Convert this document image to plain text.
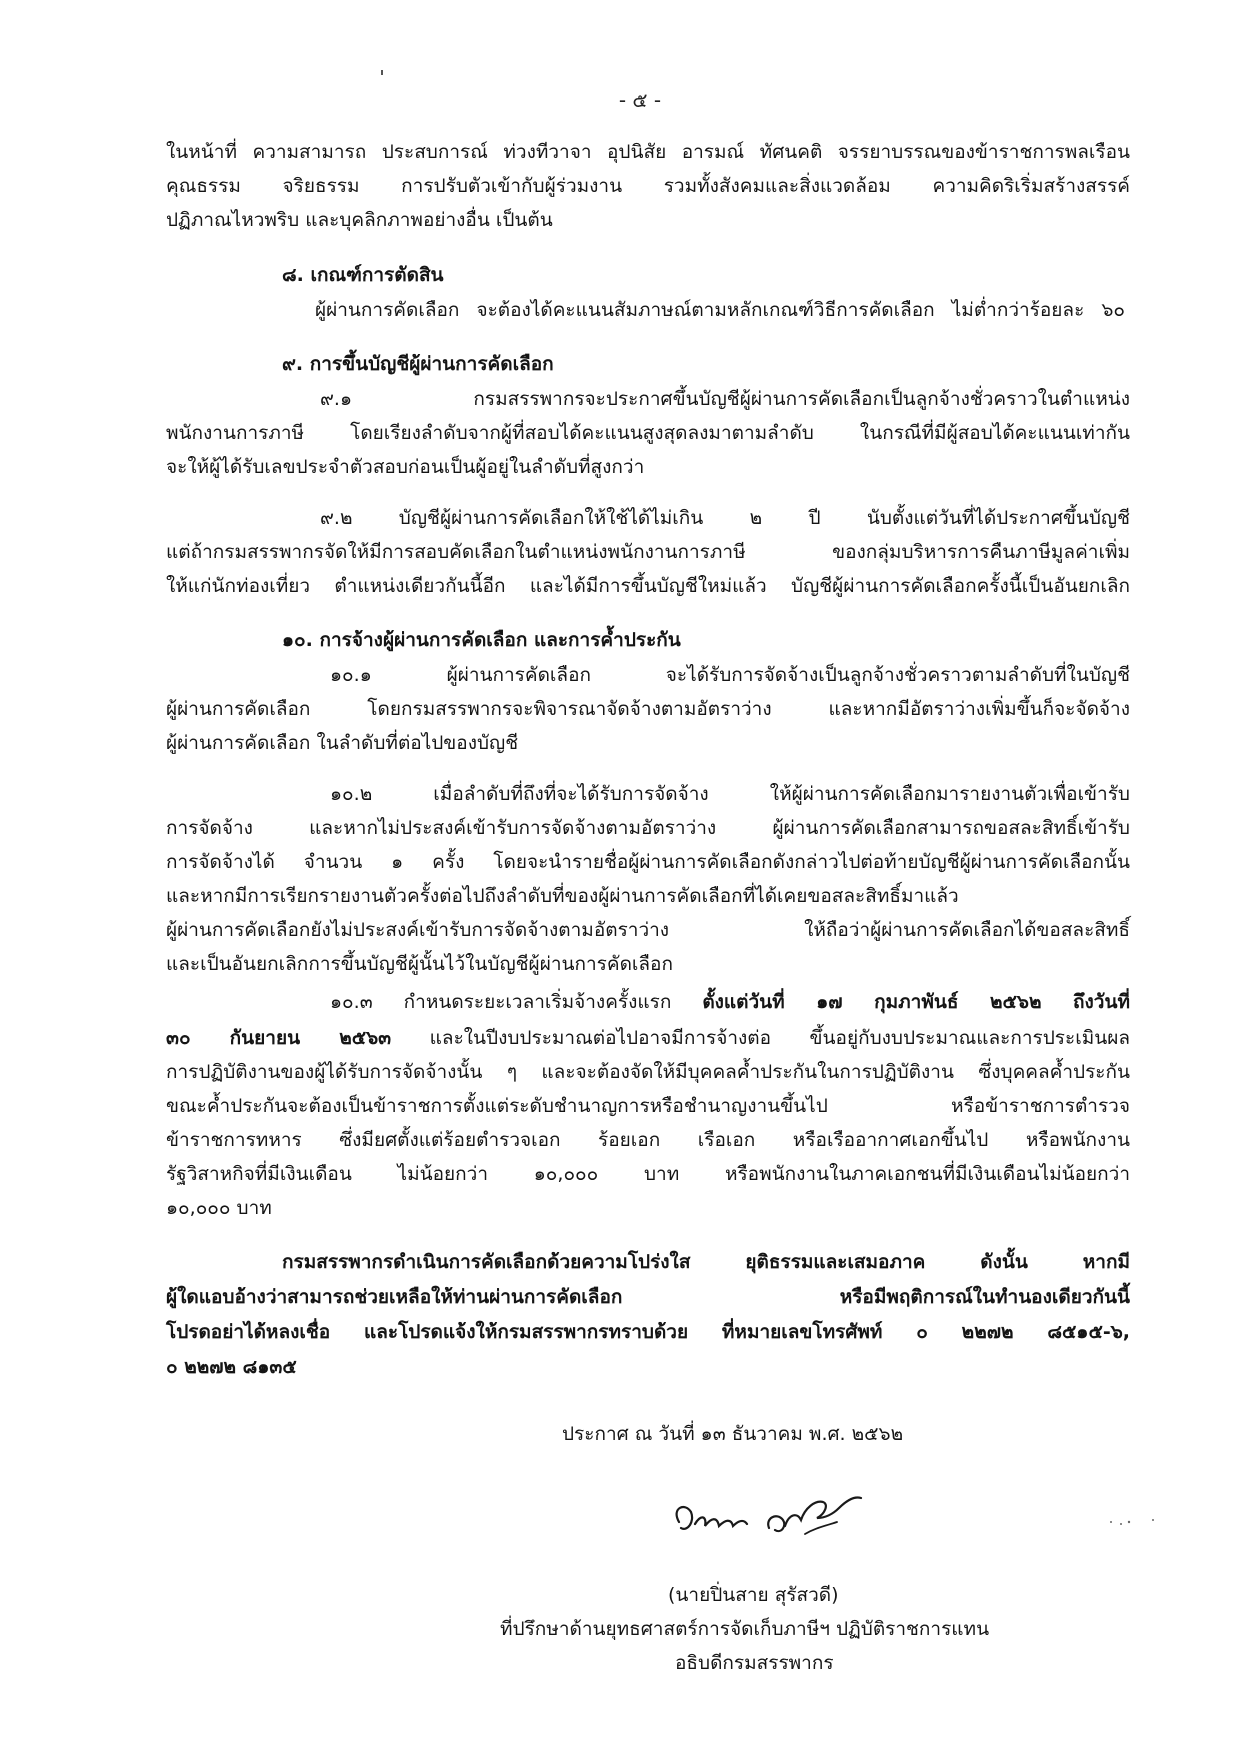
- ๕ -
ในหน้าที่ ความสามารถ ประสบการณ์ ท่วงทีวาจา อุปนิสัย อารมณ์ ทัศนคติ จรรยาบรรณของข้าราชการพลเรือน
คุณธรรม จริยธรรม การปรับตัวเข้ากับผู้ร่วมงาน รวมทั้งสังคมและสิ่งแวดล้อม ความคิดริเริ่มสร้างสรรค์
ปฏิภาณไหวพริบ และบุคลิกภาพอย่างอื่น เป็นต้น
๘. เกณฑ์การตัดสิน
ผู้ผ่านการคัดเลือก จะต้องได้คะแนนสัมภาษณ์ตามหลักเกณฑ์วิธีการคัดเลือก ไม่ต่ำกว่าร้อยละ ๖๐
๙. การขึ้นบัญชีผู้ผ่านการคัดเลือก
๙.๑ กรมสรรพากรจะประกาศขึ้นบัญชีผู้ผ่านการคัดเลือกเป็นลูกจ้างชั่วคราวในตำแหน่ง
พนักงานการภาษี โดยเรียงลำดับจากผู้ที่สอบได้คะแนนสูงสุดลงมาตามลำดับ ในกรณีที่มีผู้สอบได้คะแนนเท่ากัน
จะให้ผู้ได้รับเลขประจำตัวสอบก่อนเป็นผู้อยู่ในลำดับที่สูงกว่า
๙.๒ บัญชีผู้ผ่านการคัดเลือกให้ใช้ได้ไม่เกิน ๒ ปี นับตั้งแต่วันที่ได้ประกาศขึ้นบัญชี
แต่ถ้ากรมสรรพากรจัดให้มีการสอบคัดเลือกในตำแหน่งพนักงานการภาษี ของกลุ่มบริหารการคืนภาษีมูลค่าเพิ่ม
ให้แก่นักท่องเที่ยว ตำแหน่งเดียวกันนี้อีก และได้มีการขึ้นบัญชีใหม่แล้ว บัญชีผู้ผ่านการคัดเลือกครั้งนี้เป็นอันยกเลิก
๑๐. การจ้างผู้ผ่านการคัดเลือก และการค้ำประกัน
๑๐.๑ ผู้ผ่านการคัดเลือก จะได้รับการจัดจ้างเป็นลูกจ้างชั่วคราวตามลำดับที่ในบัญชี
ผู้ผ่านการคัดเลือก โดยกรมสรรพากรจะพิจารณาจัดจ้างตามอัตราว่าง และหากมีอัตราว่างเพิ่มขึ้นก็จะจัดจ้าง
ผู้ผ่านการคัดเลือก ในลำดับที่ต่อไปของบัญชี
๑๐.๒ เมื่อลำดับที่ถึงที่จะได้รับการจัดจ้าง ให้ผู้ผ่านการคัดเลือกมารายงานตัวเพื่อเข้ารับ
การจัดจ้าง และหากไม่ประสงค์เข้ารับการจัดจ้างตามอัตราว่าง ผู้ผ่านการคัดเลือกสามารถขอสละสิทธิ์เข้ารับ
การจัดจ้างได้ จำนวน ๑ ครั้ง โดยจะนำรายชื่อผู้ผ่านการคัดเลือกดังกล่าวไปต่อท้ายบัญชีผู้ผ่านการคัดเลือกนั้น
และหากมีการเรียกรายงานตัวครั้งต่อไปถึงลำดับที่ของผู้ผ่านการคัดเลือกที่ได้เคยขอสละสิทธิ์มาแล้ว
ผู้ผ่านการคัดเลือกยังไม่ประสงค์เข้ารับการจัดจ้างตามอัตราว่าง ให้ถือว่าผู้ผ่านการคัดเลือกได้ขอสละสิทธิ์
และเป็นอันยกเลิกการขึ้นบัญชีผู้นั้นไว้ในบัญชีผู้ผ่านการคัดเลือก
๑๐.๓ กำหนดระยะเวลาเริ่มจ้างครั้งแรก ตั้งแต่วันที่ ๑๗ กุมภาพันธ์ ๒๕๖๒ ถึงวันที่
๓๐ กันยายน ๒๕๖๓ และในปีงบประมาณต่อไปอาจมีการจ้างต่อ ขึ้นอยู่กับงบประมาณและการประเมินผล
การปฏิบัติงานของผู้ได้รับการจัดจ้างนั้น ๆ และจะต้องจัดให้มีบุคคลค้ำประกันในการปฏิบัติงาน ซึ่งบุคคลค้ำประกัน
ขณะค้ำประกันจะต้องเป็นข้าราชการตั้งแต่ระดับชำนาญการหรือชำนาญงานขึ้นไป หรือข้าราชการตำรวจ
ข้าราชการทหาร ซึ่งมียศตั้งแต่ร้อยตำรวจเอก ร้อยเอก เรือเอก หรือเรืออากาศเอกขึ้นไป หรือพนักงาน
รัฐวิสาหกิจที่มีเงินเดือน ไม่น้อยกว่า ๑๐,๐๐๐ บาท หรือพนักงานในภาคเอกชนที่มีเงินเดือนไม่น้อยกว่า
๑๐,๐๐๐ บาท
กรมสรรพากรดำเนินการคัดเลือกด้วยความโปร่งใส ยุติธรรมและเสมอภาค ดังนั้น หากมี
ผู้ใดแอบอ้างว่าสามารถช่วยเหลือให้ท่านผ่านการคัดเลือก หรือมีพฤติการณ์ในทำนองเดียวกันนี้
โปรดอย่าได้หลงเชื่อ และโปรดแจ้งให้กรมสรรพากรทราบด้วย ที่หมายเลขโทรศัพท์ ๐ ๒๒๗๒ ๘๕๑๕-๖,
๐ ๒๒๗๒ ๘๑๓๕
ประกาศ ณ วันที่ ๑๓ ธันวาคม พ.ศ. ๒๕๖๒
(นายปิ่นสาย สุรัสวดี)
ที่ปรึกษาด้านยุทธศาสตร์การจัดเก็บภาษีฯ ปฏิบัติราชการแทน
อธิบดีกรมสรรพากร
